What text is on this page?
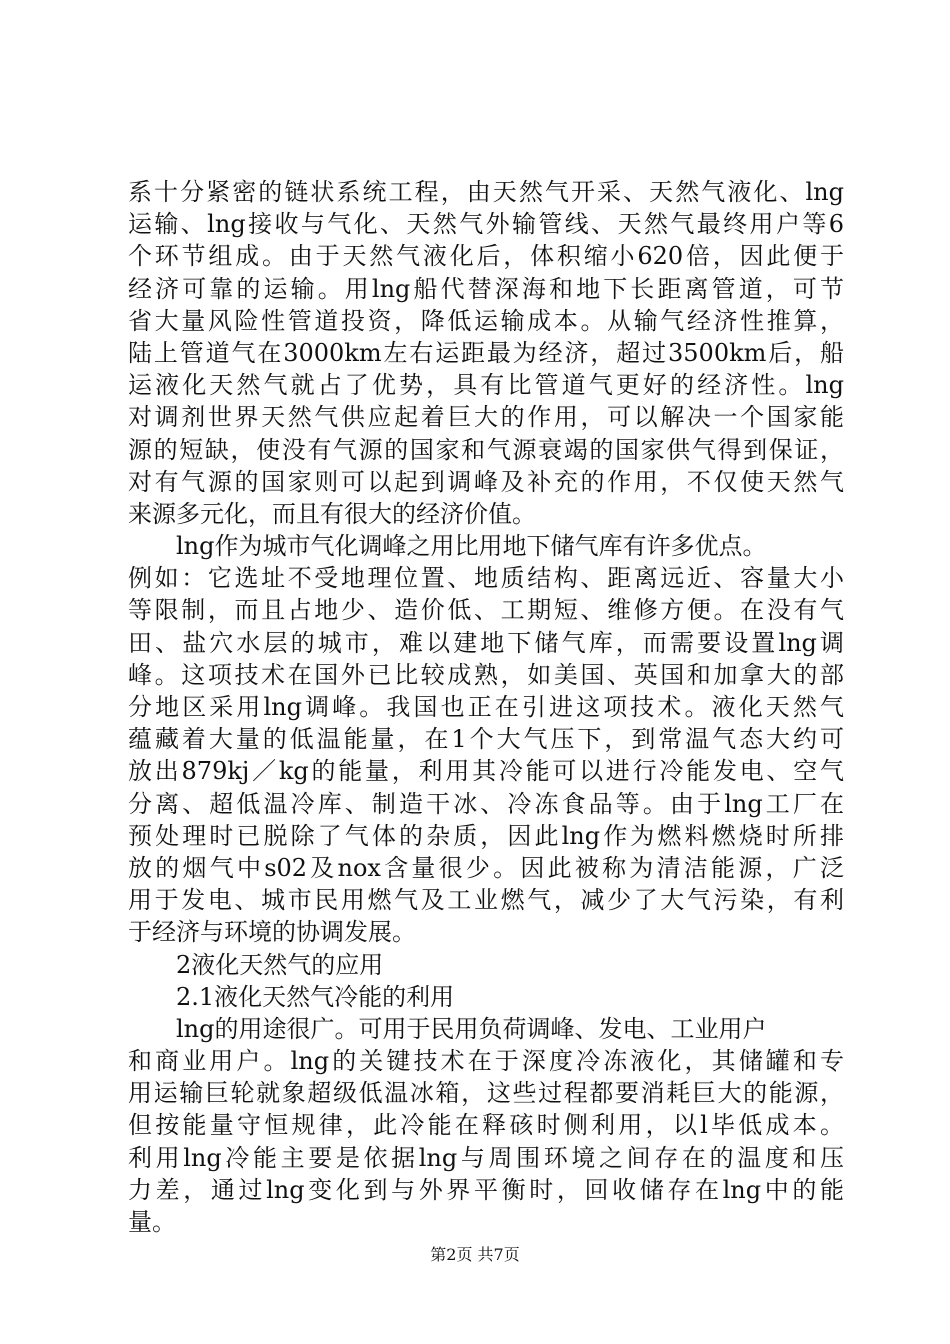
系十分紧密的链状系统工程，由天然气开采、天然气液化、lng
运输、lng接收与气化、天然气外输管线、天然气最终用户等6
个环节组成。由于天然气液化后，体积缩小620倍，因此便于
经济可靠的运输。用lng船代替深海和地下长距离管道，可节
省大量风险性管道投资，降低运输成本。从输气经济性推算，
陆上管道气在3000km左右运距最为经济，超过3500km后，船
运液化天然气就占了优势，具有比管道气更好的经济性。lng
对调剂世界天然气供应起着巨大的作用，可以解决一个国家能
源的短缺，使没有气源的国家和气源衰竭的国家供气得到保证，
对有气源的国家则可以起到调峰及补充的作用，不仅使天然气
来源多元化，而且有很大的经济价值。
lng作为城市气化调峰之用比用地下储气库有许多优点。
例如：它选址不受地理位置、地质结构、距离远近、容量大小
等限制，而且占地少、造价低、工期短、维修方便。在没有气
田、盐穴水层的城市，难以建地下储气库，而需要设置lng调
峰。这项技术在国外已比较成熟，如美国、英国和加拿大的部
分地区采用lng调峰。我国也正在引进这项技术。液化天然气
蕴藏着大量的低温能量，在1个大气压下，到常温气态大约可
放出879kj／kg的能量，利用其冷能可以进行冷能发电、空气
分离、超低温冷库、制造干冰、冷冻食品等。由于lng工厂在
预处理时已脱除了气体的杂质，因此lng作为燃料燃烧时所排
放的烟气中s02及nox含量很少。因此被称为清洁能源，广泛
用于发电、城市民用燃气及工业燃气，减少了大气污染，有利
于经济与环境的协调发展。
2液化天然气的应用
2.1液化天然气冷能的利用
lng的用途很广。可用于民用负荷调峰、发电、工业用户
和商业用户。lng的关键技术在于深度冷冻液化，其储罐和专
用运输巨轮就象超级低温冰箱，这些过程都要消耗巨大的能源，
但按能量守恒规律，此冷能在释硋时侧利用，以l毕低成本。
利用lng冷能主要是依据lng与周围环境之间存在的温度和压
力差，通过lng变化到与外界平衡时，回收储存在lng中的能
量。
第2页 共7页
